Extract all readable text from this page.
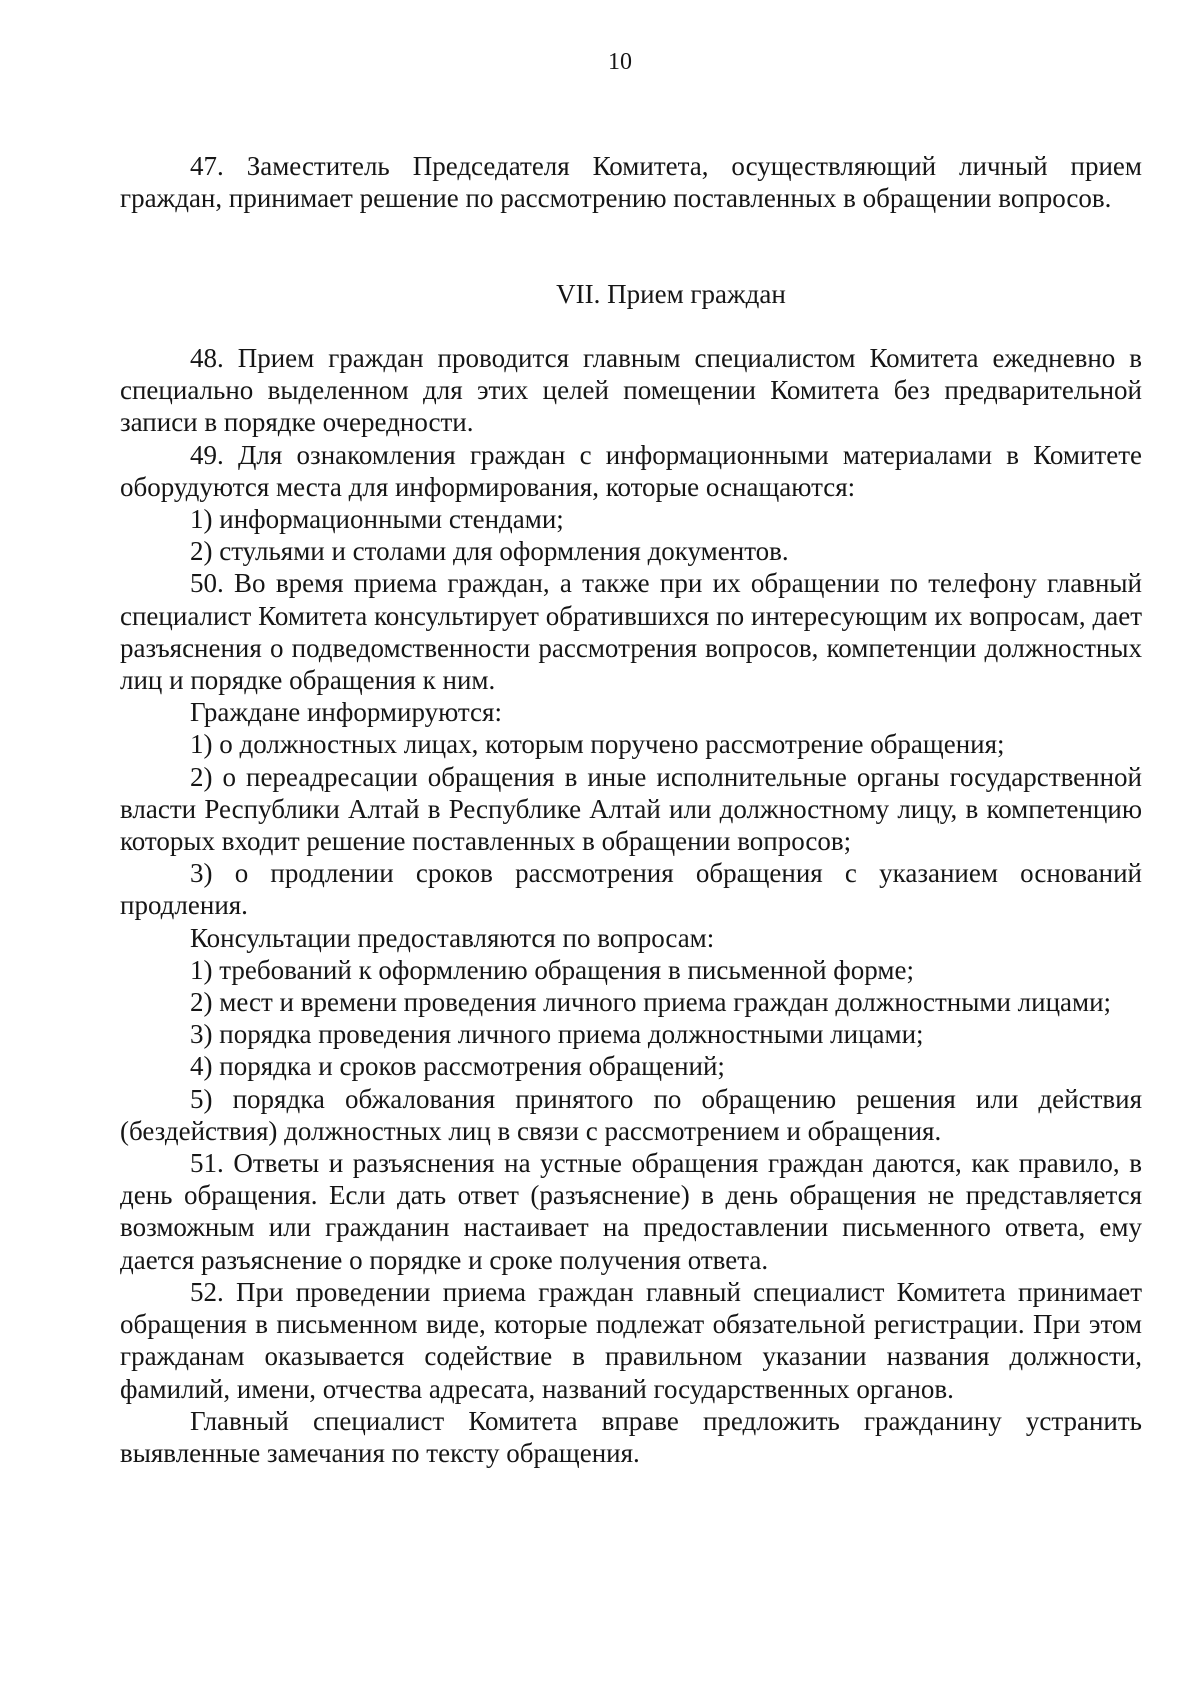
10

47. Заместитель Председателя Комитета, осуществляющий личный прием граждан, принимает решение по рассмотрению поставленных в обращении вопросов.

VII. Прием граждан

48. Прием граждан проводится главным специалистом Комитета ежедневно в специально выделенном для этих целей помещении Комитета без предварительной записи в порядке очередности.

49. Для ознакомления граждан с информационными материалами в Комитете оборудуются места для информирования, которые оснащаются:

1) информационными стендами;

2) стульями и столами для оформления документов.

50. Во время приема граждан, а также при их обращении по телефону главный специалист Комитета консультирует обратившихся по интересующим их вопросам, дает разъяснения о подведомственности рассмотрения вопросов, компетенции должностных лиц и порядке обращения к ним.

Граждане информируются:

1) о должностных лицах, которым поручено рассмотрение обращения;

2) о переадресации обращения в иные исполнительные органы государственной власти Республики Алтай в Республике Алтай или должностному лицу, в компетенцию которых входит решение поставленных в обращении вопросов;

3) о продлении сроков рассмотрения обращения с указанием оснований продления.

Консультации предоставляются по вопросам:

1) требований к оформлению обращения в письменной форме;

2) мест и времени проведения личного приема граждан должностными лицами;

3) порядка проведения личного приема должностными лицами;

4) порядка и сроков рассмотрения обращений;

5) порядка обжалования принятого по обращению решения или действия (бездействия) должностных лиц в связи с рассмотрением и обращения.

51. Ответы и разъяснения на устные обращения граждан даются, как правило, в день обращения. Если дать ответ (разъяснение) в день обращения не представляется возможным или гражданин настаивает на предоставлении письменного ответа, ему дается разъяснение о порядке и сроке получения ответа.

52. При проведении приема граждан главный специалист Комитета принимает обращения в письменном виде, которые подлежат обязательной регистрации. При этом гражданам оказывается содействие в правильном указании названия должности, фамилий, имени, отчества адресата, названий государственных органов.

Главный специалист Комитета вправе предложить гражданину устранить выявленные замечания по тексту обращения.
